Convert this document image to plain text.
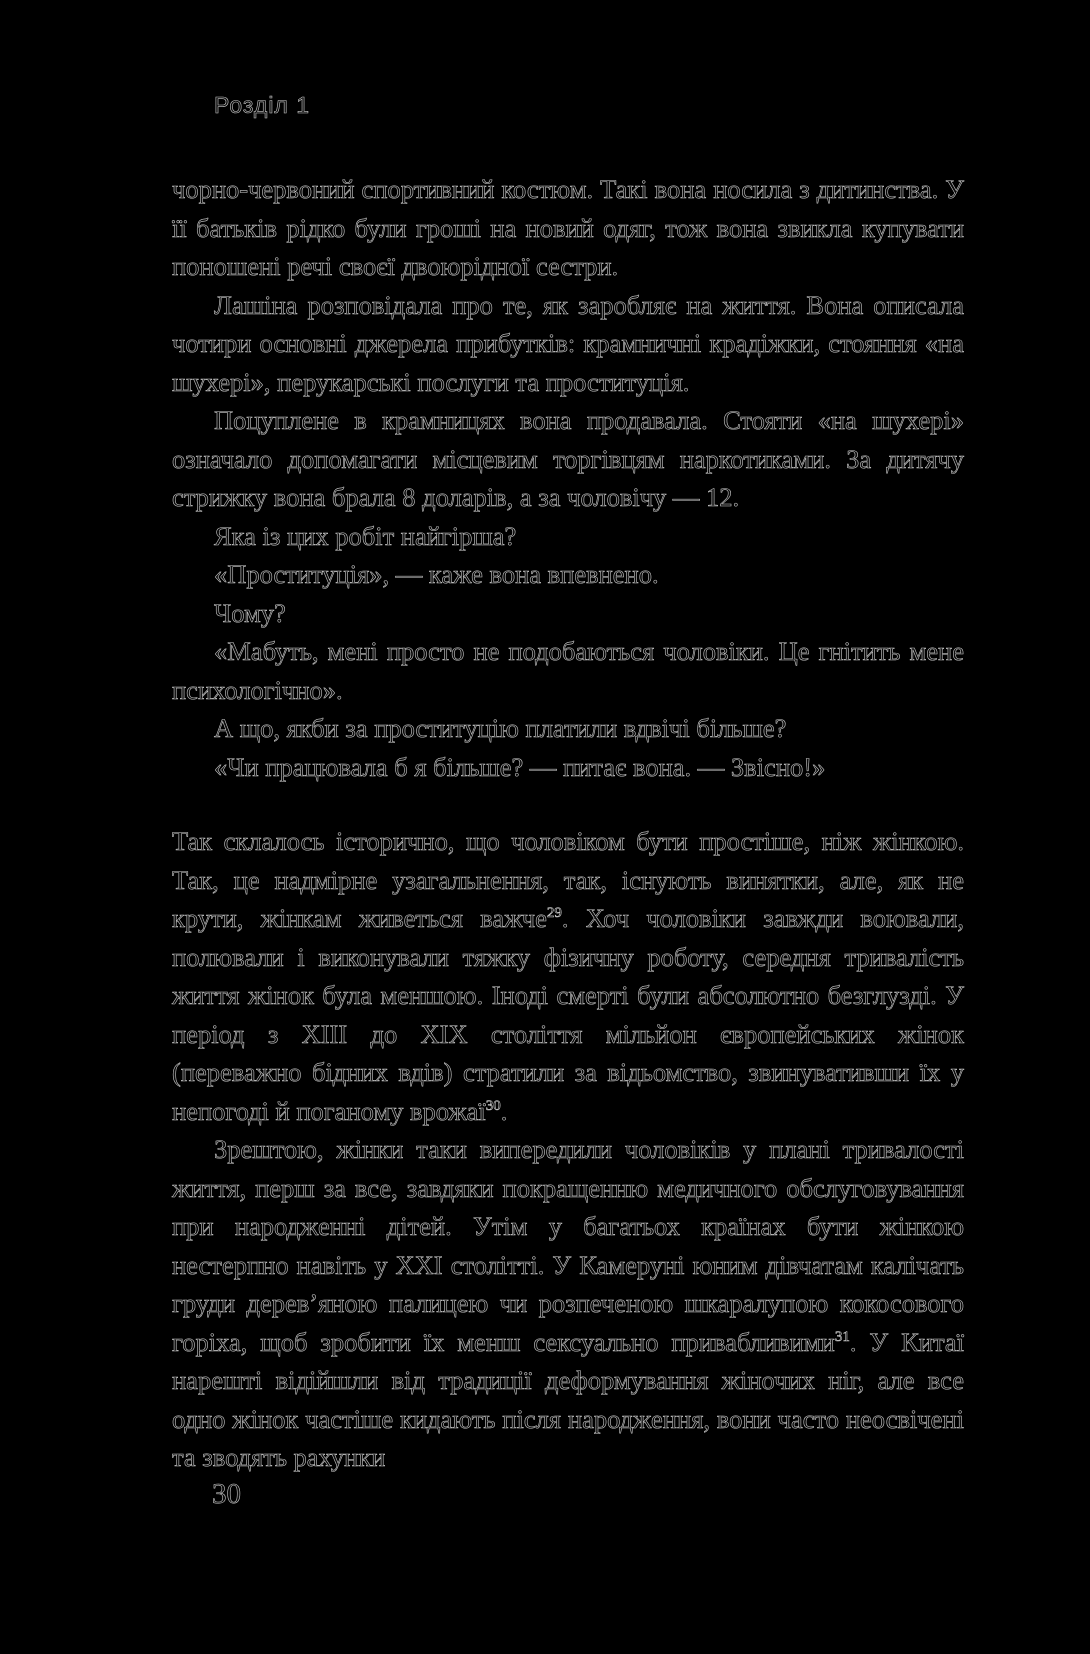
Розділ 1

чорно-червоний спортивний костюм. Такі вона носила з дитинства. У її батьків рідко були гроші на новий одяг, тож вона звикла купувати поношені речі своєї двоюрідної сестри.

Лашіна розповідала про те, як заробляє на життя. Вона описала чотири основні джерела прибутків: крамничні крадіжки, стояння «на шухері», перукарські послуги та проституція.

Поцуплене в крамницях вона продавала. Стояти «на шухері» означало допомагати місцевим торгівцям наркотиками. За дитячу стрижку вона брала 8 доларів, а за чоловічу — 12.

Яка із цих робіт найгірша?

«Проституція», — каже вона впевнено.

Чому?

«Мабуть, мені просто не подобаються чоловіки. Це гнітить мене психологічно».

А що, якби за проституцію платили вдвічі більше?

«Чи працювала б я більше? — питає вона. — Звісно!»

Так склалось історично, що чоловіком бути простіше, ніж жінкою. Так, це надмірне узагальнення, так, існують винятки, але, як не крути, жінкам живеться важче$^{29}$. Хоч чоловіки завжди воювали, полювали і виконували тяжку фізичну роботу, середня тривалість життя жінок була меншою. Іноді смерті були абсолютно безглузді. У період з XIII до XIX століття мільйон європейських жінок (переважно бідних вдів) стратили за відьомство, звинувативши їх у непогоді й поганому врожаї$^{30}$.

Зрештою, жінки таки випередили чоловіків у плані тривалості життя, перш за все, завдяки покращенню медичного обслуговування при народженні дітей. Утім у багатьох країнах бути жінкою нестерпно навіть у XXI столітті. У Камеруні юним дівчатам калічать груди дерев’яною палицею чи розпеченою шкаралупою кокосового горіха, щоб зробити їх менш сексуально привабливими$^{31}$. У Китаї нарешті відійшли від традиції деформування жіночих ніг, але все одно жінок частіше кидають після народження, вони часто неосвічені та зводять рахунки

30
